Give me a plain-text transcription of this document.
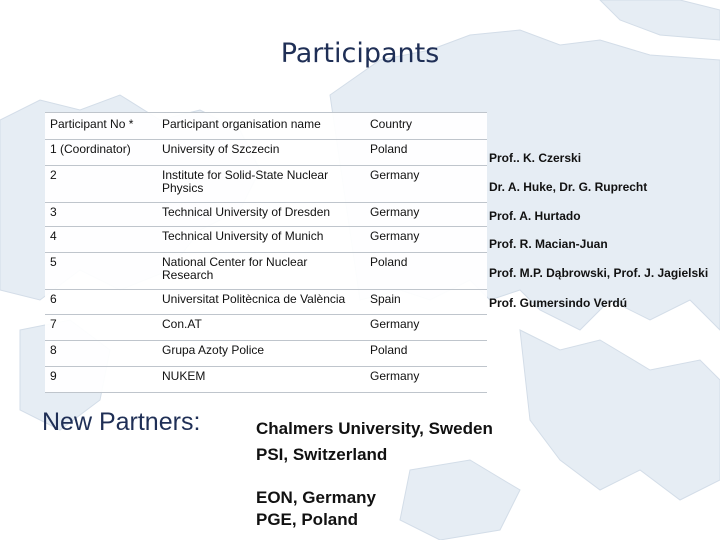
Participants
Participant No *	Participant organisation name	Country
1 (Coordinator)	University of Szczecin	Poland
2	Institute for Solid-State Nuclear Physics	Germany
3	Technical University of Dresden	Germany
4	Technical University of Munich	Germany
5	National Center for Nuclear Research	Poland
6	Universitat Politècnica de València	Spain
7	Con.AT	Germany
8	Grupa Azoty Police	Poland
9	NUKEM	Germany
Prof.. K. Czerski
Dr. A. Huke, Dr. G. Ruprecht
Prof. A. Hurtado
Prof. R. Macian-Juan
Prof. M.P. Dąbrowski, Prof. J. Jagielski
Prof. Gumersindo Verdú
New Partners:	Chalmers University, Sweden
PSI, Switzerland
EON, Germany
PGE, Poland
